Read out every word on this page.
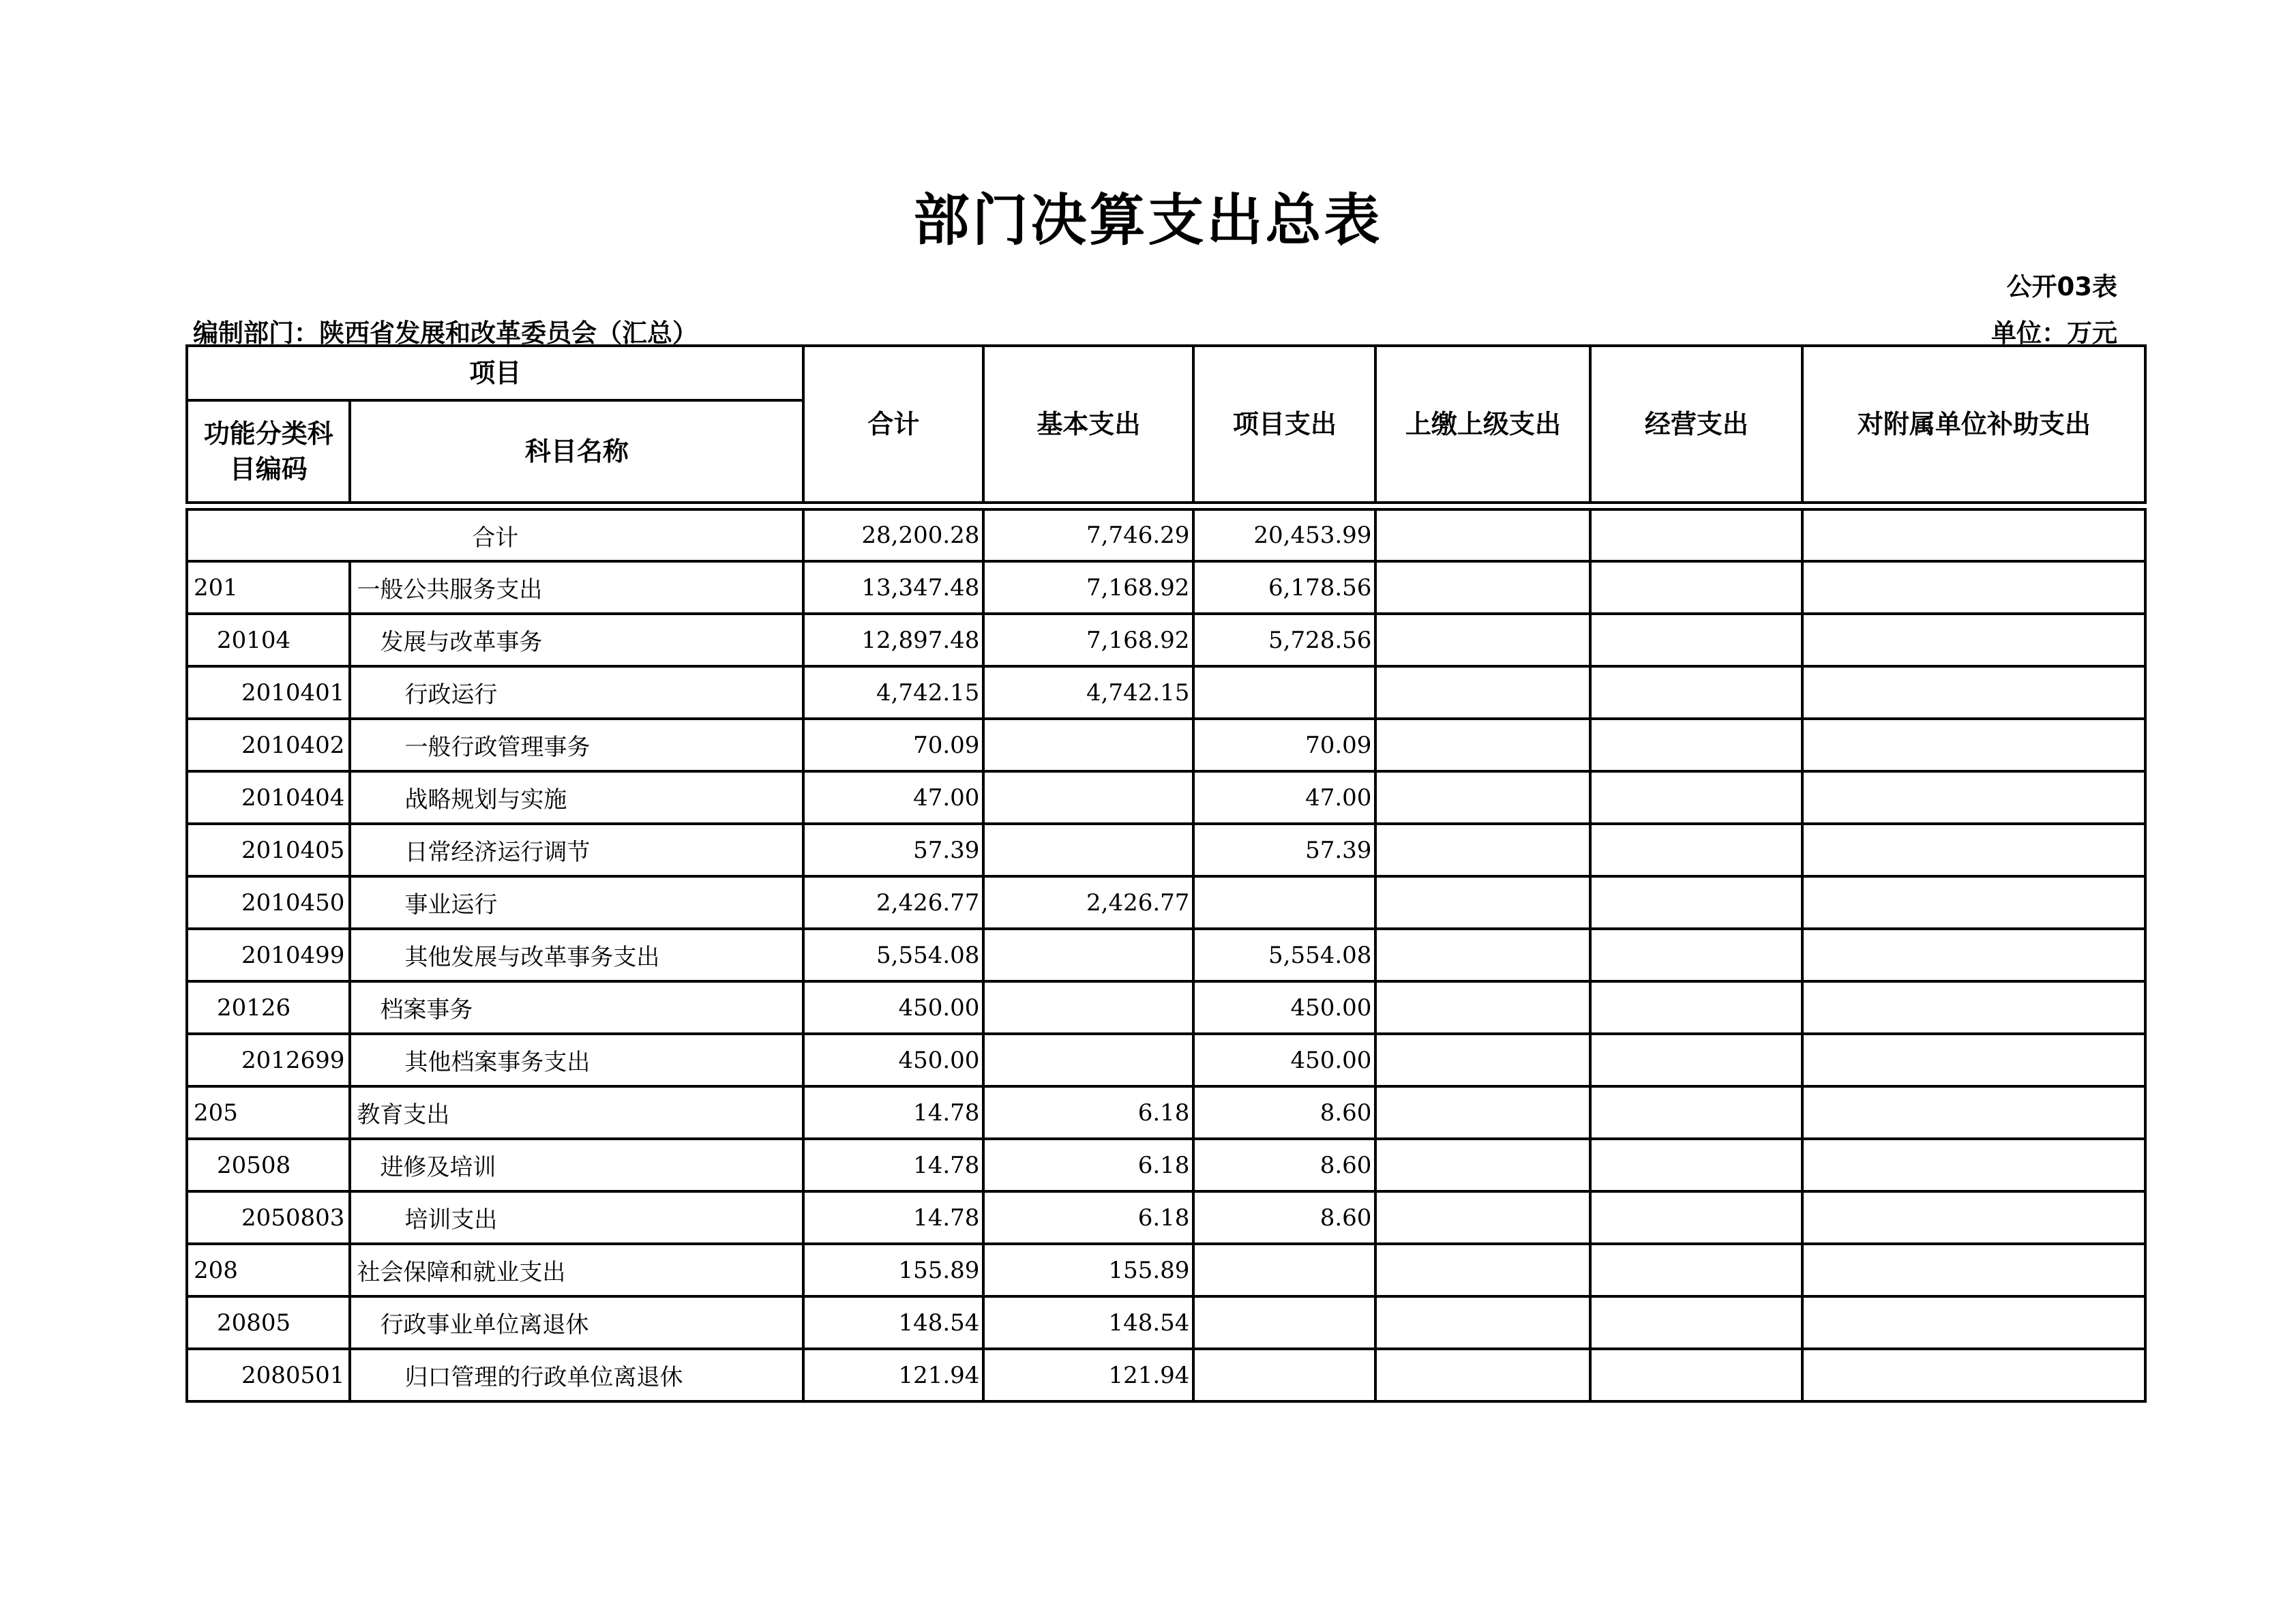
部门决算支出总表
公开03表
编制部门：陕西省发展和改革委员会（汇总）	单位：万元
项目		合计	基本支出	项目支出	上缴上级支出	经营支出	对附属单位补助支出
功能分类科目编码	科目名称						

合计		28,200.28	7,746.29	20,453.99			
201	一般公共服务支出	13,347.48	7,168.92	6,178.56			
20104	发展与改革事务	12,897.48	7,168.92	5,728.56			
2010401	行政运行	4,742.15	4,742.15				
2010402	一般行政管理事务	70.09		70.09			
2010404	战略规划与实施	47.00		47.00			
2010405	日常经济运行调节	57.39		57.39			
2010450	事业运行	2,426.77	2,426.77				
2010499	其他发展与改革事务支出	5,554.08		5,554.08			
20126	档案事务	450.00		450.00			
2012699	其他档案事务支出	450.00		450.00			
205	教育支出	14.78	6.18	8.60			
20508	进修及培训	14.78	6.18	8.60			
2050803	培训支出	14.78	6.18	8.60			
208	社会保障和就业支出	155.89	155.89				
20805	行政事业单位离退休	148.54	148.54				
2080501	归口管理的行政单位离退休	121.94	121.94				
